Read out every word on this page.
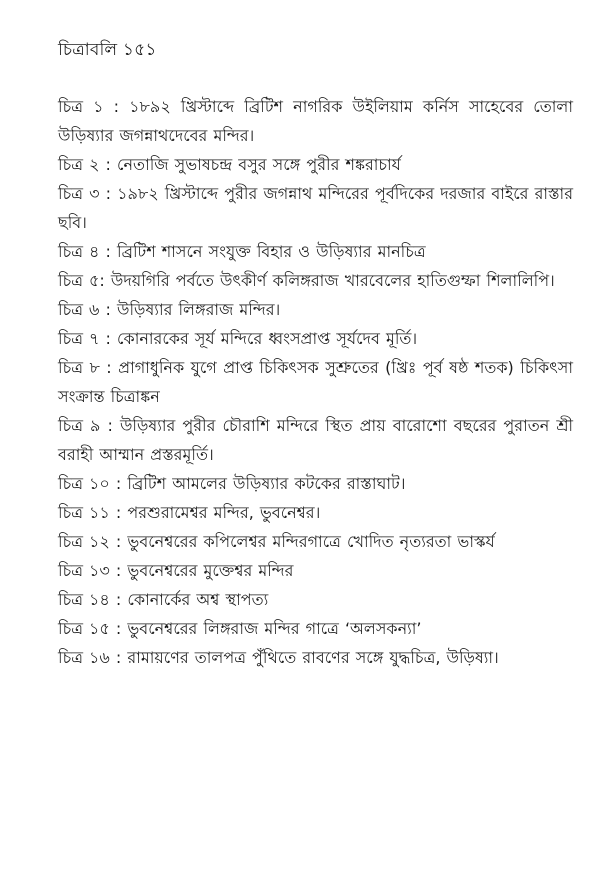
চিত্রাবলি ১৫১

চিত্র ১ : ১৮৯২ খ্রিস্টাব্দে ব্রিটিশ নাগরিক উইলিয়াম কর্নিস সাহেবের তোলা উড়িষ্যার জগন্নাথদেবের মন্দির।

চিত্র ২ : নেতাজি সুভাষচন্দ্র বসুর সঙ্গে পুরীর শঙ্করাচার্য

চিত্র ৩ : ১৯৮২ খ্রিস্টাব্দে পুরীর জগন্নাথ মন্দিরের পূর্বদিকের দরজার বাইরে রাস্তার ছবি।

চিত্র ৪ : ব্রিটিশ শাসনে সংযুক্ত বিহার ও উড়িষ্যার মানচিত্র

চিত্র ৫: উদয়গিরি পর্বতে উৎকীর্ণ কলিঙ্গরাজ খারবেলের হাতিগুম্ফা শিলালিপি।

চিত্র ৬ : উড়িষ্যার লিঙ্গরাজ মন্দির।

চিত্র ৭ : কোনারকের সূর্য মন্দিরে ধ্বংসপ্রাপ্ত সূর্যদেব মূর্তি।

চিত্র ৮ : প্রাগাধুনিক যুগে প্রাপ্ত চিকিৎসক সুশ্রুতের (খ্রিঃ পূর্ব ষষ্ঠ শতক) চিকিৎসা সংক্রান্ত চিত্রাঙ্কন

চিত্র ৯ : উড়িষ্যার পুরীর চৌরাশি মন্দিরে স্থিত প্রায় বারোশো বছরের পুরাতন শ্রী বরাহী আম্মান প্রস্তরমূর্তি।

চিত্র ১০ : ব্রিটিশ আমলের উড়িষ্যার কটকের রাস্তাঘাট।

চিত্র ১১ : পরশুরামেশ্বর মন্দির, ভুবনেশ্বর।

চিত্র ১২ : ভুবনেশ্বরের কপিলেশ্বর মন্দিরগাত্রে খোদিত নৃত্যরতা ভাস্কর্য

চিত্র ১৩ : ভুবনেশ্বরের মুক্তেশ্বর মন্দির

চিত্র ১৪ : কোনার্কের অশ্ব স্থাপত্য

চিত্র ১৫ : ভুবনেশ্বরের লিঙ্গরাজ মন্দির গাত্রে ‘অলসকন্যা’

চিত্র ১৬ : রামায়ণের তালপত্র পুঁথিতে রাবণের সঙ্গে যুদ্ধচিত্র, উড়িষ্যা।
